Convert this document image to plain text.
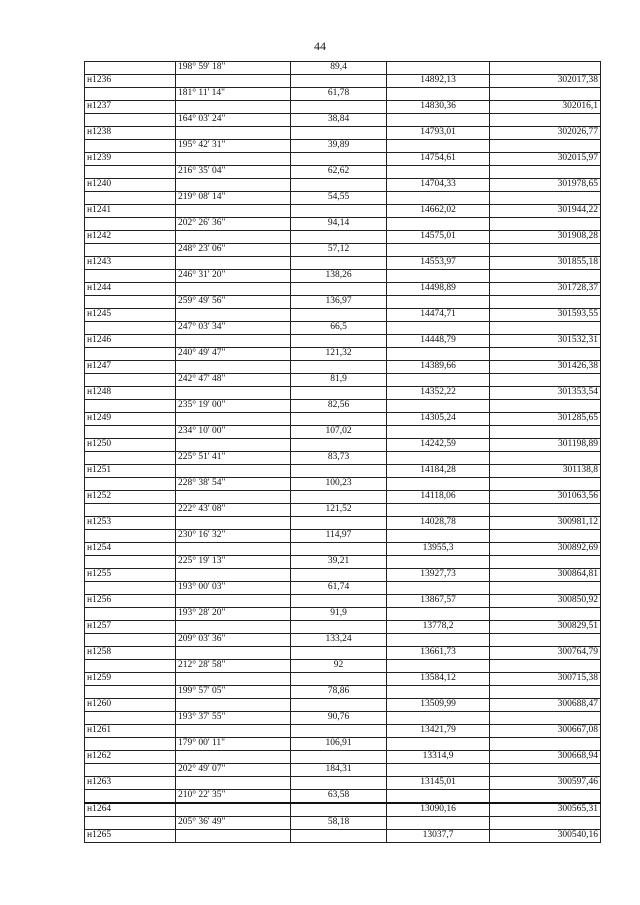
44
	198° 59' 18"	89,4		
н1236			14892,13	302017,38
	181° 11' 14"	61,78		
н1237			14830,36	302016,1
	164° 03' 24"	38,84		
н1238			14793,01	302026,77
	195° 42' 31"	39,89		
н1239			14754,61	302015,97
	216° 35' 04"	62,62		
н1240			14704,33	301978,65
	219° 08' 14"	54,55		
н1241			14662,02	301944,22
	202° 26' 36"	94,14		
н1242			14575,01	301908,28
	248° 23' 06"	57,12		
н1243			14553,97	301855,18
	246° 31' 20"	138,26		
н1244			14498,89	301728,37
	259° 49' 56"	136,97		
н1245			14474,71	301593,55
	247° 03' 34"	66,5		
н1246			14448,79	301532,31
	240° 49' 47"	121,32		
н1247			14389,66	301426,38
	242° 47' 48"	81,9		
н1248			14352,22	301353,54
	235° 19' 00"	82,56		
н1249			14305,24	301285,65
	234° 10' 00"	107,02		
н1250			14242,59	301198,89
	225° 51' 41"	83,73		
н1251			14184,28	301138,8
	228° 38' 54"	100,23		
н1252			14118,06	301063,56
	222° 43' 08"	121,52		
н1253			14028,78	300981,12
	230° 16' 32"	114,97		
н1254			13955,3	300892,69
	225° 19' 13"	39,21		
н1255			13927,73	300864,81
	193° 00' 03"	61,74		
н1256			13867,57	300850,92
	193° 28' 20"	91,9		
н1257			13778,2	300829,51
	209° 03' 36"	133,24		
н1258			13661,73	300764,79
	212° 28' 58"	92		
н1259			13584,12	300715,38
	199° 57' 05"	78,86		
н1260			13509,99	300688,47
	193° 37' 55"	90,76		
н1261			13421,79	300667,08
	179° 00' 11"	106,91		
н1262			13314,9	300668,94
	202° 49' 07"	184,31		
н1263			13145,01	300597,46
	210° 22' 35"	63,58		
н1264			13090,16	300565,31
	205° 36' 49"	58,18		
н1265			13037,7	300540,16
